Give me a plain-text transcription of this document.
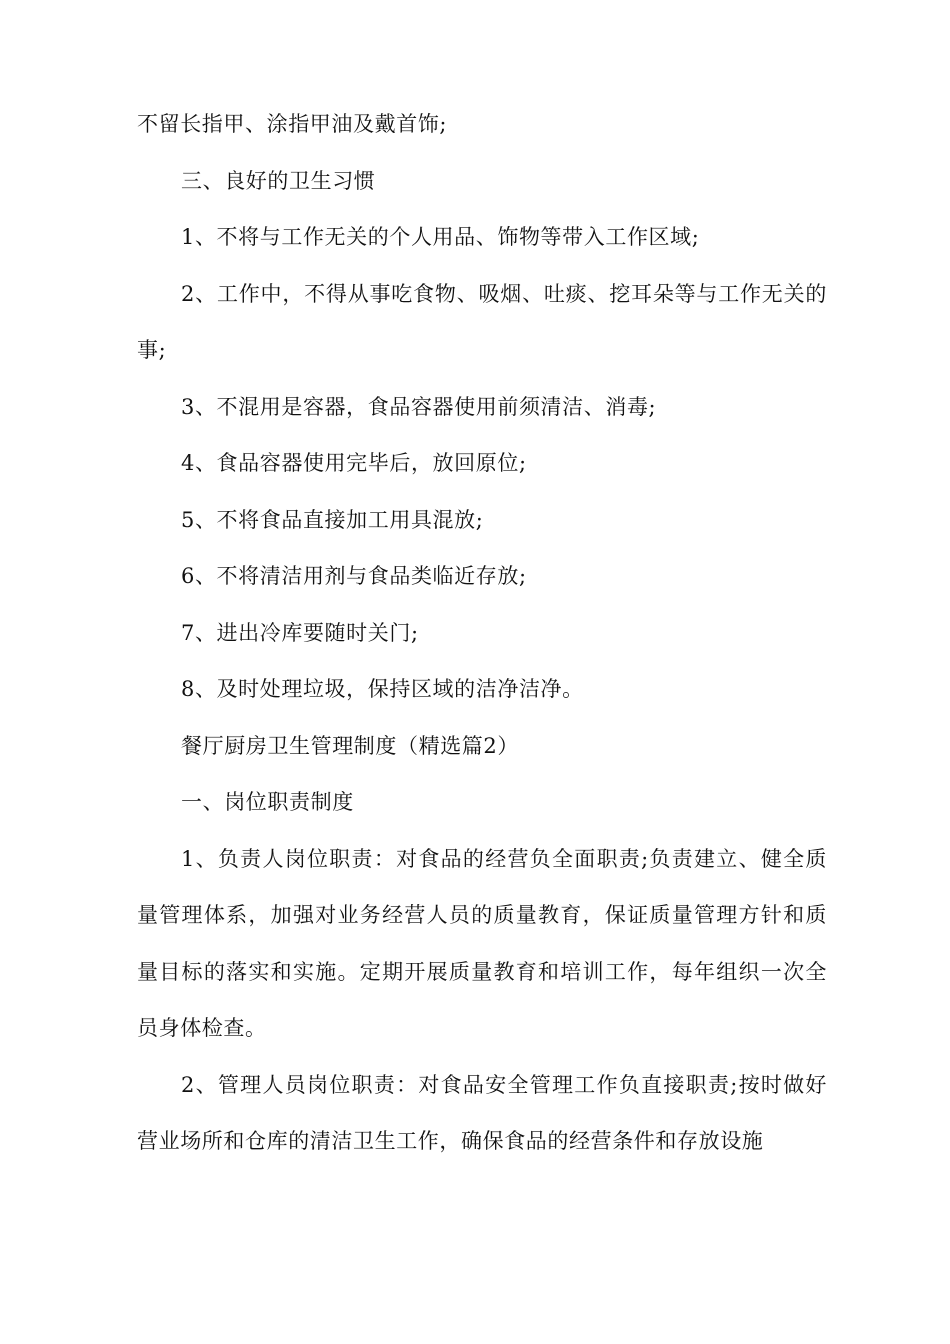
不留长指甲、涂指甲油及戴首饰;

三、良好的卫生习惯

1、不将与工作无关的个人用品、饰物等带入工作区域;

2、工作中，不得从事吃食物、吸烟、吐痰、挖耳朵等与工作无关的事;

3、不混用是容器，食品容器使用前须清洁、消毒;

4、食品容器使用完毕后，放回原位;

5、不将食品直接加工用具混放;

6、不将清洁用剂与食品类临近存放;

7、进出冷库要随时关门;

8、及时处理垃圾，保持区域的洁净洁净。

餐厅厨房卫生管理制度（精选篇2）

一、岗位职责制度

1、负责人岗位职责：对食品的经营负全面职责;负责建立、健全质量管理体系，加强对业务经营人员的质量教育，保证质量管理方针和质量目标的落实和实施。定期开展质量教育和培训工作，每年组织一次全员身体检查。

2、管理人员岗位职责：对食品安全管理工作负直接职责;按时做好营业场所和仓库的清洁卫生工作，确保食品的经营条件和存放设施
